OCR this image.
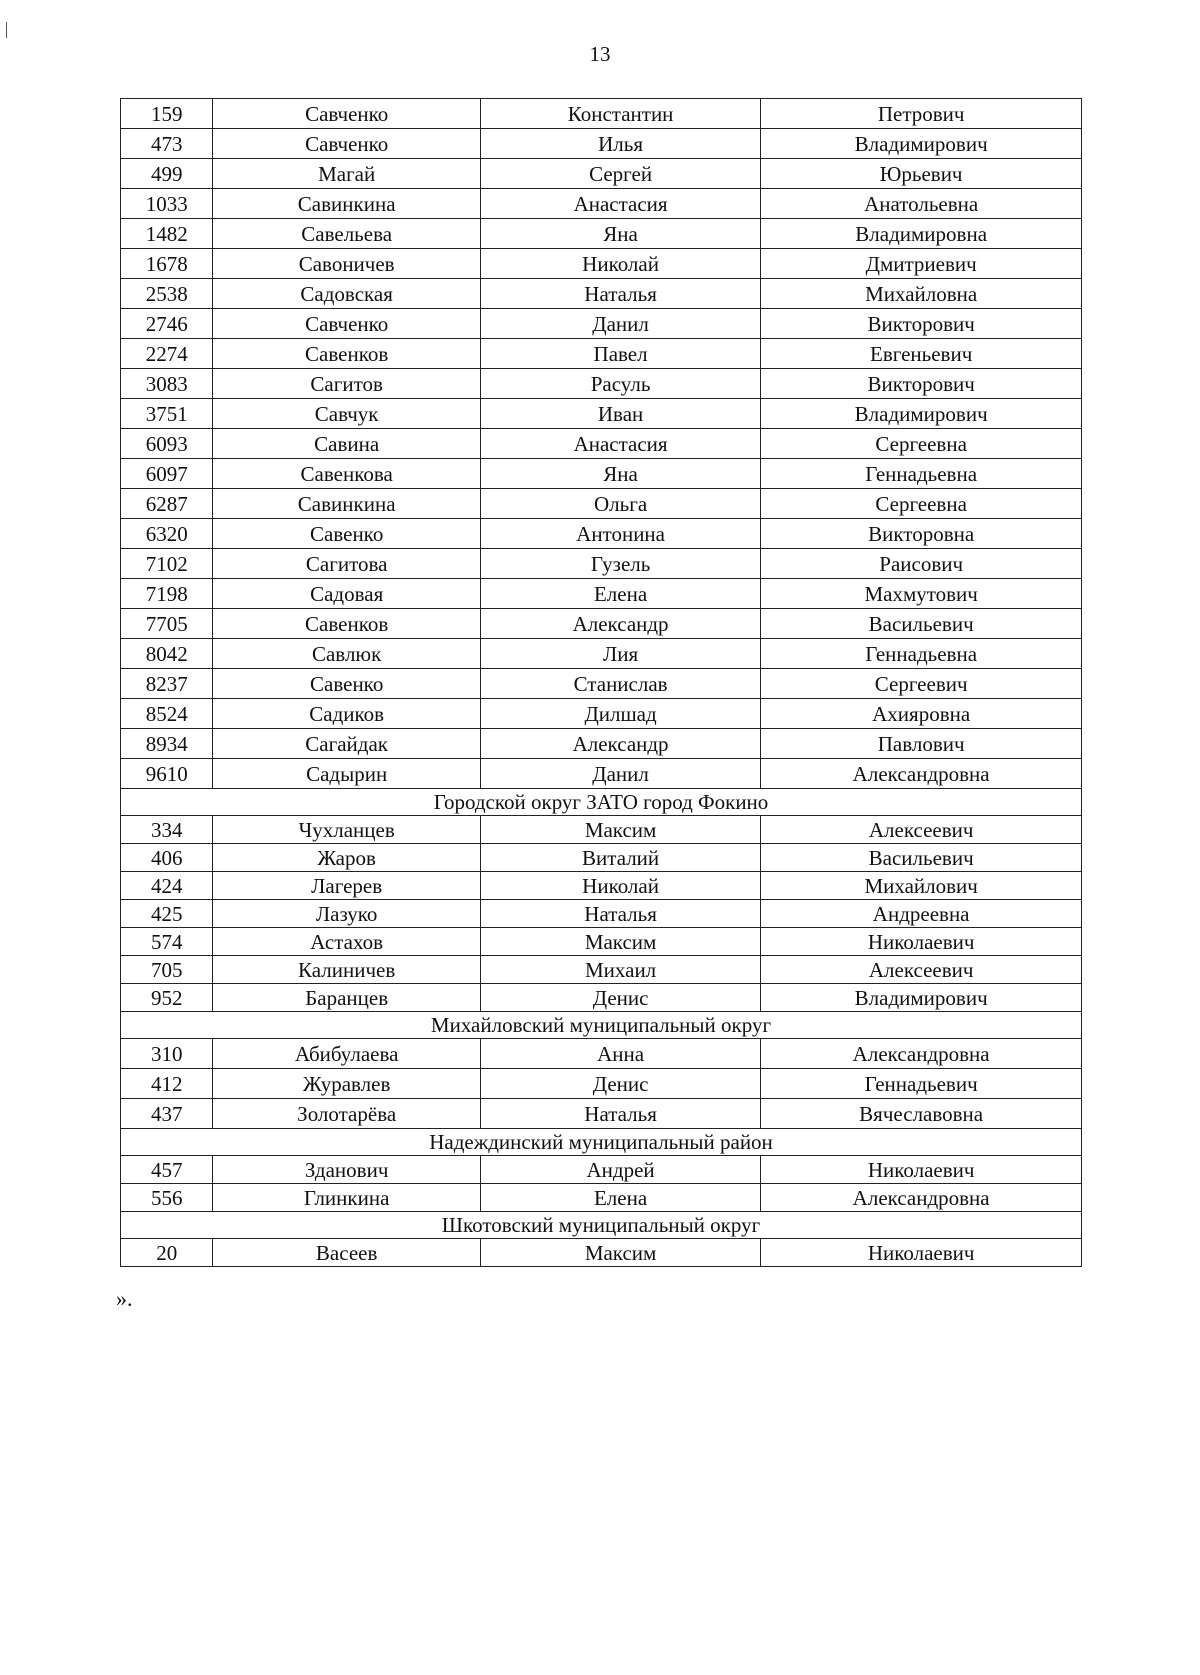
13
159	Савченко	Константин	Петрович
473	Савченко	Илья	Владимирович
499	Магай	Сергей	Юрьевич
1033	Савинкина	Анастасия	Анатольевна
1482	Савельева	Яна	Владимировна
1678	Савоничев	Николай	Дмитриевич
2538	Садовская	Наталья	Михайловна
2746	Савченко	Данил	Викторович
2274	Савенков	Павел	Евгеньевич
3083	Сагитов	Расуль	Викторович
3751	Савчук	Иван	Владимирович
6093	Савина	Анастасия	Сергеевна
6097	Савенкова	Яна	Геннадьевна
6287	Савинкина	Ольга	Сергеевна
6320	Савенко	Антонина	Викторовна
7102	Сагитова	Гузель	Раисович
7198	Садовая	Елена	Махмутович
7705	Савенков	Александр	Васильевич
8042	Савлюк	Лия	Геннадьевна
8237	Савенко	Станислав	Сергеевич
8524	Садиков	Дилшад	Ахияровна
8934	Сагайдак	Александр	Павлович
9610	Садырин	Данил	Александровна
Городской округ ЗАТО город Фокино			
334	Чухланцев	Максим	Алексеевич
406	Жаров	Виталий	Васильевич
424	Лагерев	Николай	Михайлович
425	Лазуко	Наталья	Андреевна
574	Астахов	Максим	Николаевич
705	Калиничев	Михаил	Алексеевич
952	Баранцев	Денис	Владимирович
Михайловский муниципальный округ			
310	Абибулаева	Анна	Александровна
412	Журавлев	Денис	Геннадьевич
437	Золотарёва	Наталья	Вячеславовна
Надеждинский муниципальный район			
457	Зданович	Андрей	Николаевич
556	Глинкина	Елена	Александровна
Шкотовский муниципальный округ			
20	Васеев	Максим	Николаевич
».
